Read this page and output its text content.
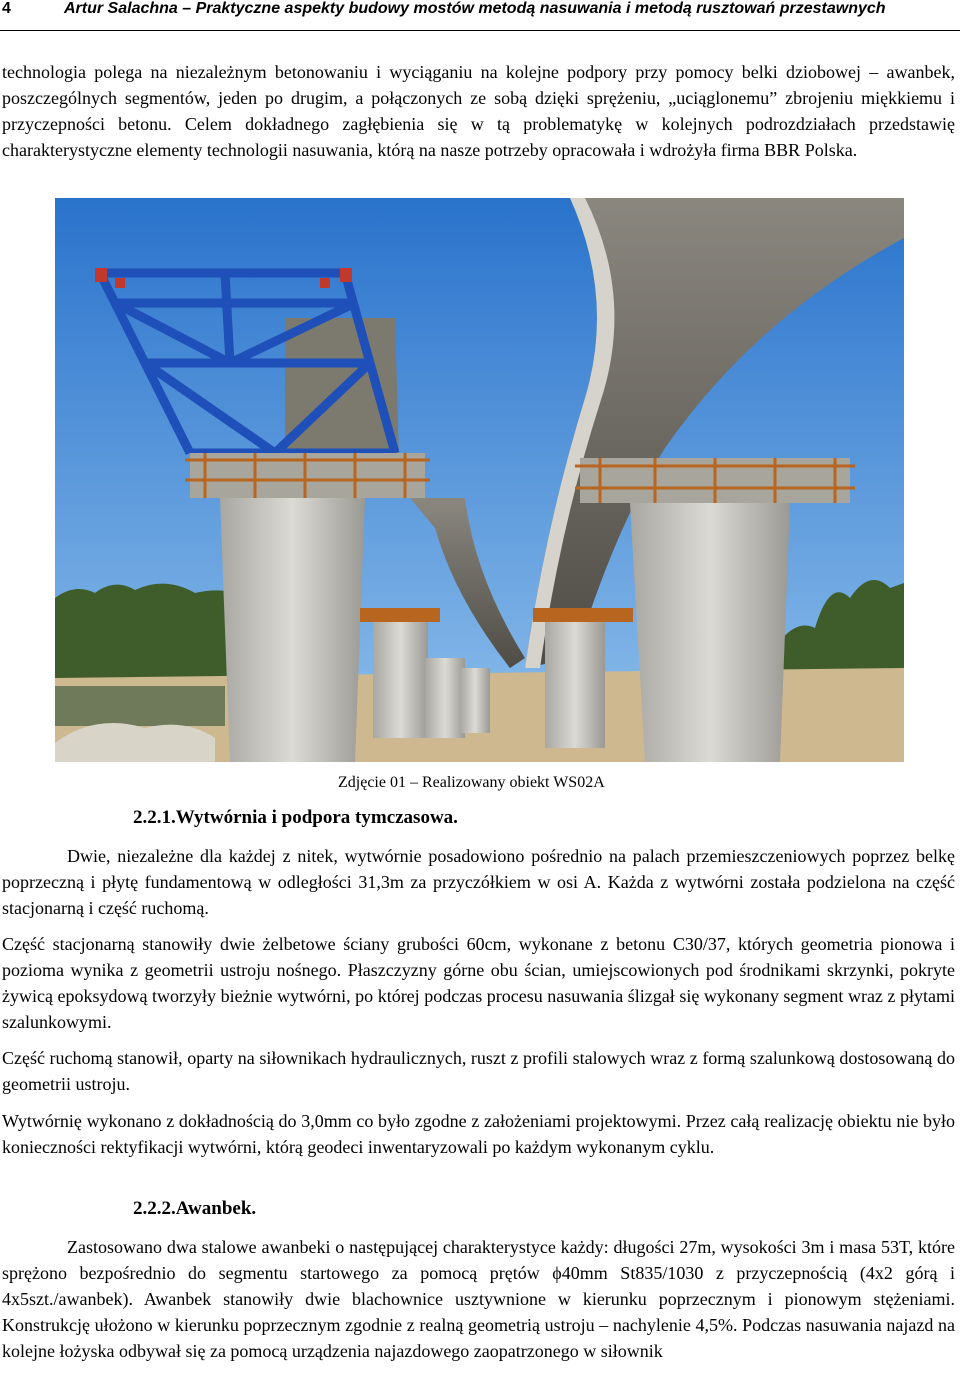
4	Artur Salachna – Praktyczne aspekty budowy mostów metodą nasuwania i metodą rusztowań przestawnych

technologia polega na niezależnym betonowaniu i wyciąganiu na kolejne podpory przy pomocy belki dziobowej – awanbek, poszczególnych segmentów, jeden po drugim, a połączonych ze sobą dzięki sprężeniu, „uciąglonemu” zbrojeniu miękkiemu i przyczepności betonu. Celem dokładnego zagłębienia się w tą problematykę w kolejnych podrozdziałach przedstawię charakterystyczne elementy technologii nasuwania, którą na nasze potrzeby opracowała i wdrożyła firma BBR Polska.

Zdjęcie 01 – Realizowany obiekt WS02A
2.2.1.Wytwórnia i podpora tymczasowa.

Dwie, niezależne dla każdej z nitek, wytwórnie posadowiono pośrednio na palach przemieszczeniowych poprzez belkę poprzeczną i płytę fundamentową w odległości 31,3m za przyczółkiem w osi A. Każda z wytwórni została podzielona na część stacjonarną i część ruchomą.

Część stacjonarną stanowiły dwie żelbetowe ściany grubości 60cm, wykonane z betonu C30/37, których geometria pionowa i pozioma wynika z geometrii ustroju nośnego. Płaszczyzny górne obu ścian, umiejscowionych pod środnikami skrzynki, pokryte żywicą epoksydową tworzyły bieżnie wytwórni, po której podczas procesu nasuwania ślizgał się wykonany segment wraz z płytami szalunkowymi.

Część ruchomą stanowił, oparty na siłownikach hydraulicznych, ruszt z profili stalowych wraz z formą szalunkową dostosowaną do geometrii ustroju.

Wytwórnię wykonano z dokładnością do 3,0mm co było zgodne z założeniami projektowymi. Przez całą realizację obiektu nie było konieczności rektyfikacji wytwórni, którą geodeci inwentaryzowali po każdym wykonanym cyklu.

2.2.2.Awanbek.

Zastosowano dwa stalowe awanbeki o następującej charakterystyce każdy: długości 27m, wysokości 3m i masa 53T, które sprężono bezpośrednio do segmentu startowego za pomocą prętów ϕ40mm St835/1030 z przyczepnością (4x2 górą i 4x5szt./awanbek). Awanbek stanowiły dwie blachownice usztywnione w kierunku poprzecznym i pionowym stężeniami. Konstrukcję ułożono w kierunku poprzecznym zgodnie z realną geometrią ustroju – nachylenie 4,5%. Podczas nasuwania najazd na kolejne łożyska odbywał się za pomocą urządzenia najazdowego zaopatrzonego w siłownik
